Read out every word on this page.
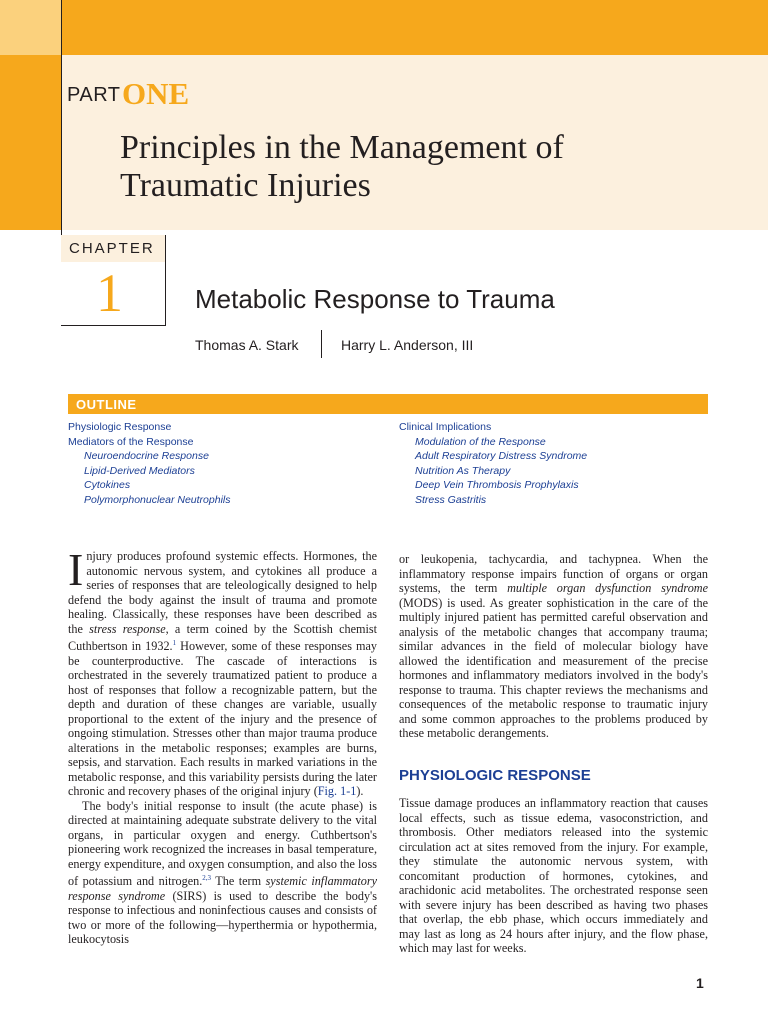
PART ONE
Principles in the Management of
Traumatic Injuries
CHAPTER
1	Metabolic Response to Trauma
Thomas A. Stark	Harry L. Anderson, III
OUTLINE
Physiologic Response
Mediators of the Response
Neuroendocrine Response
Lipid-Derived Mediators
Cytokines
Polymorphonuclear Neutrophils
Clinical Implications
Modulation of the Response
Adult Respiratory Distress Syndrome
Nutrition As Therapy
Deep Vein Thrombosis Prophylaxis
Stress Gastritis

Injury produces profound systemic effects. Hormones, the autonomic nervous system, and cytokines all produce a series of responses that are teleologically designed to help defend the body against the insult of trauma and promote healing. Classically, these responses have been described as the stress response, a term coined by the Scottish chemist Cuthbertson in 1932.$^1$ However, some of these responses may be counterproductive. The cascade of interactions is orchestrated in the severely traumatized patient to produce a host of responses that follow a recognizable pattern, but the depth and duration of these changes are variable, usually proportional to the extent of the injury and the presence of ongoing stimulation. Stresses other than major trauma produce alterations in the metabolic responses; examples are burns, sepsis, and starvation. Each results in marked variations in the metabolic response, and this variability persists during the later chronic and recovery phases of the original injury (Fig. 1-1).

The body's initial response to insult (the acute phase) is directed at maintaining adequate substrate delivery to the vital organs, in particular oxygen and energy. Cuthbertson's pioneering work recognized the increases in basal temperature, energy expenditure, and oxygen consumption, and also the loss of potassium and nitrogen.$^{2,3}$ The term systemic inflammatory response syndrome (SIRS) is used to describe the body's response to infectious and noninfectious causes and consists of two or more of the following—hyperthermia or hypothermia, leukocytosis

or leukopenia, tachycardia, and tachypnea. When the inflammatory response impairs function of organs or organ systems, the term multiple organ dysfunction syndrome (MODS) is used. As greater sophistication in the care of the multiply injured patient has permitted careful observation and analysis of the metabolic changes that accompany trauma; similar advances in the field of molecular biology have allowed the identification and measurement of the precise hormones and inflammatory mediators involved in the body's response to trauma. This chapter reviews the mechanisms and consequences of the metabolic response to traumatic injury and some common approaches to the problems produced by these metabolic derangements.

PHYSIOLOGIC RESPONSE

Tissue damage produces an inflammatory reaction that causes local effects, such as tissue edema, vasoconstriction, and thrombosis. Other mediators released into the systemic circulation act at sites removed from the injury. For example, they stimulate the autonomic nervous system, with concomitant production of hormones, cytokines, and arachidonic acid metabolites. The orchestrated response seen with severe injury has been described as having two phases that overlap, the ebb phase, which occurs immediately and may last as long as 24 hours after injury, and the flow phase, which may last for weeks.

1
